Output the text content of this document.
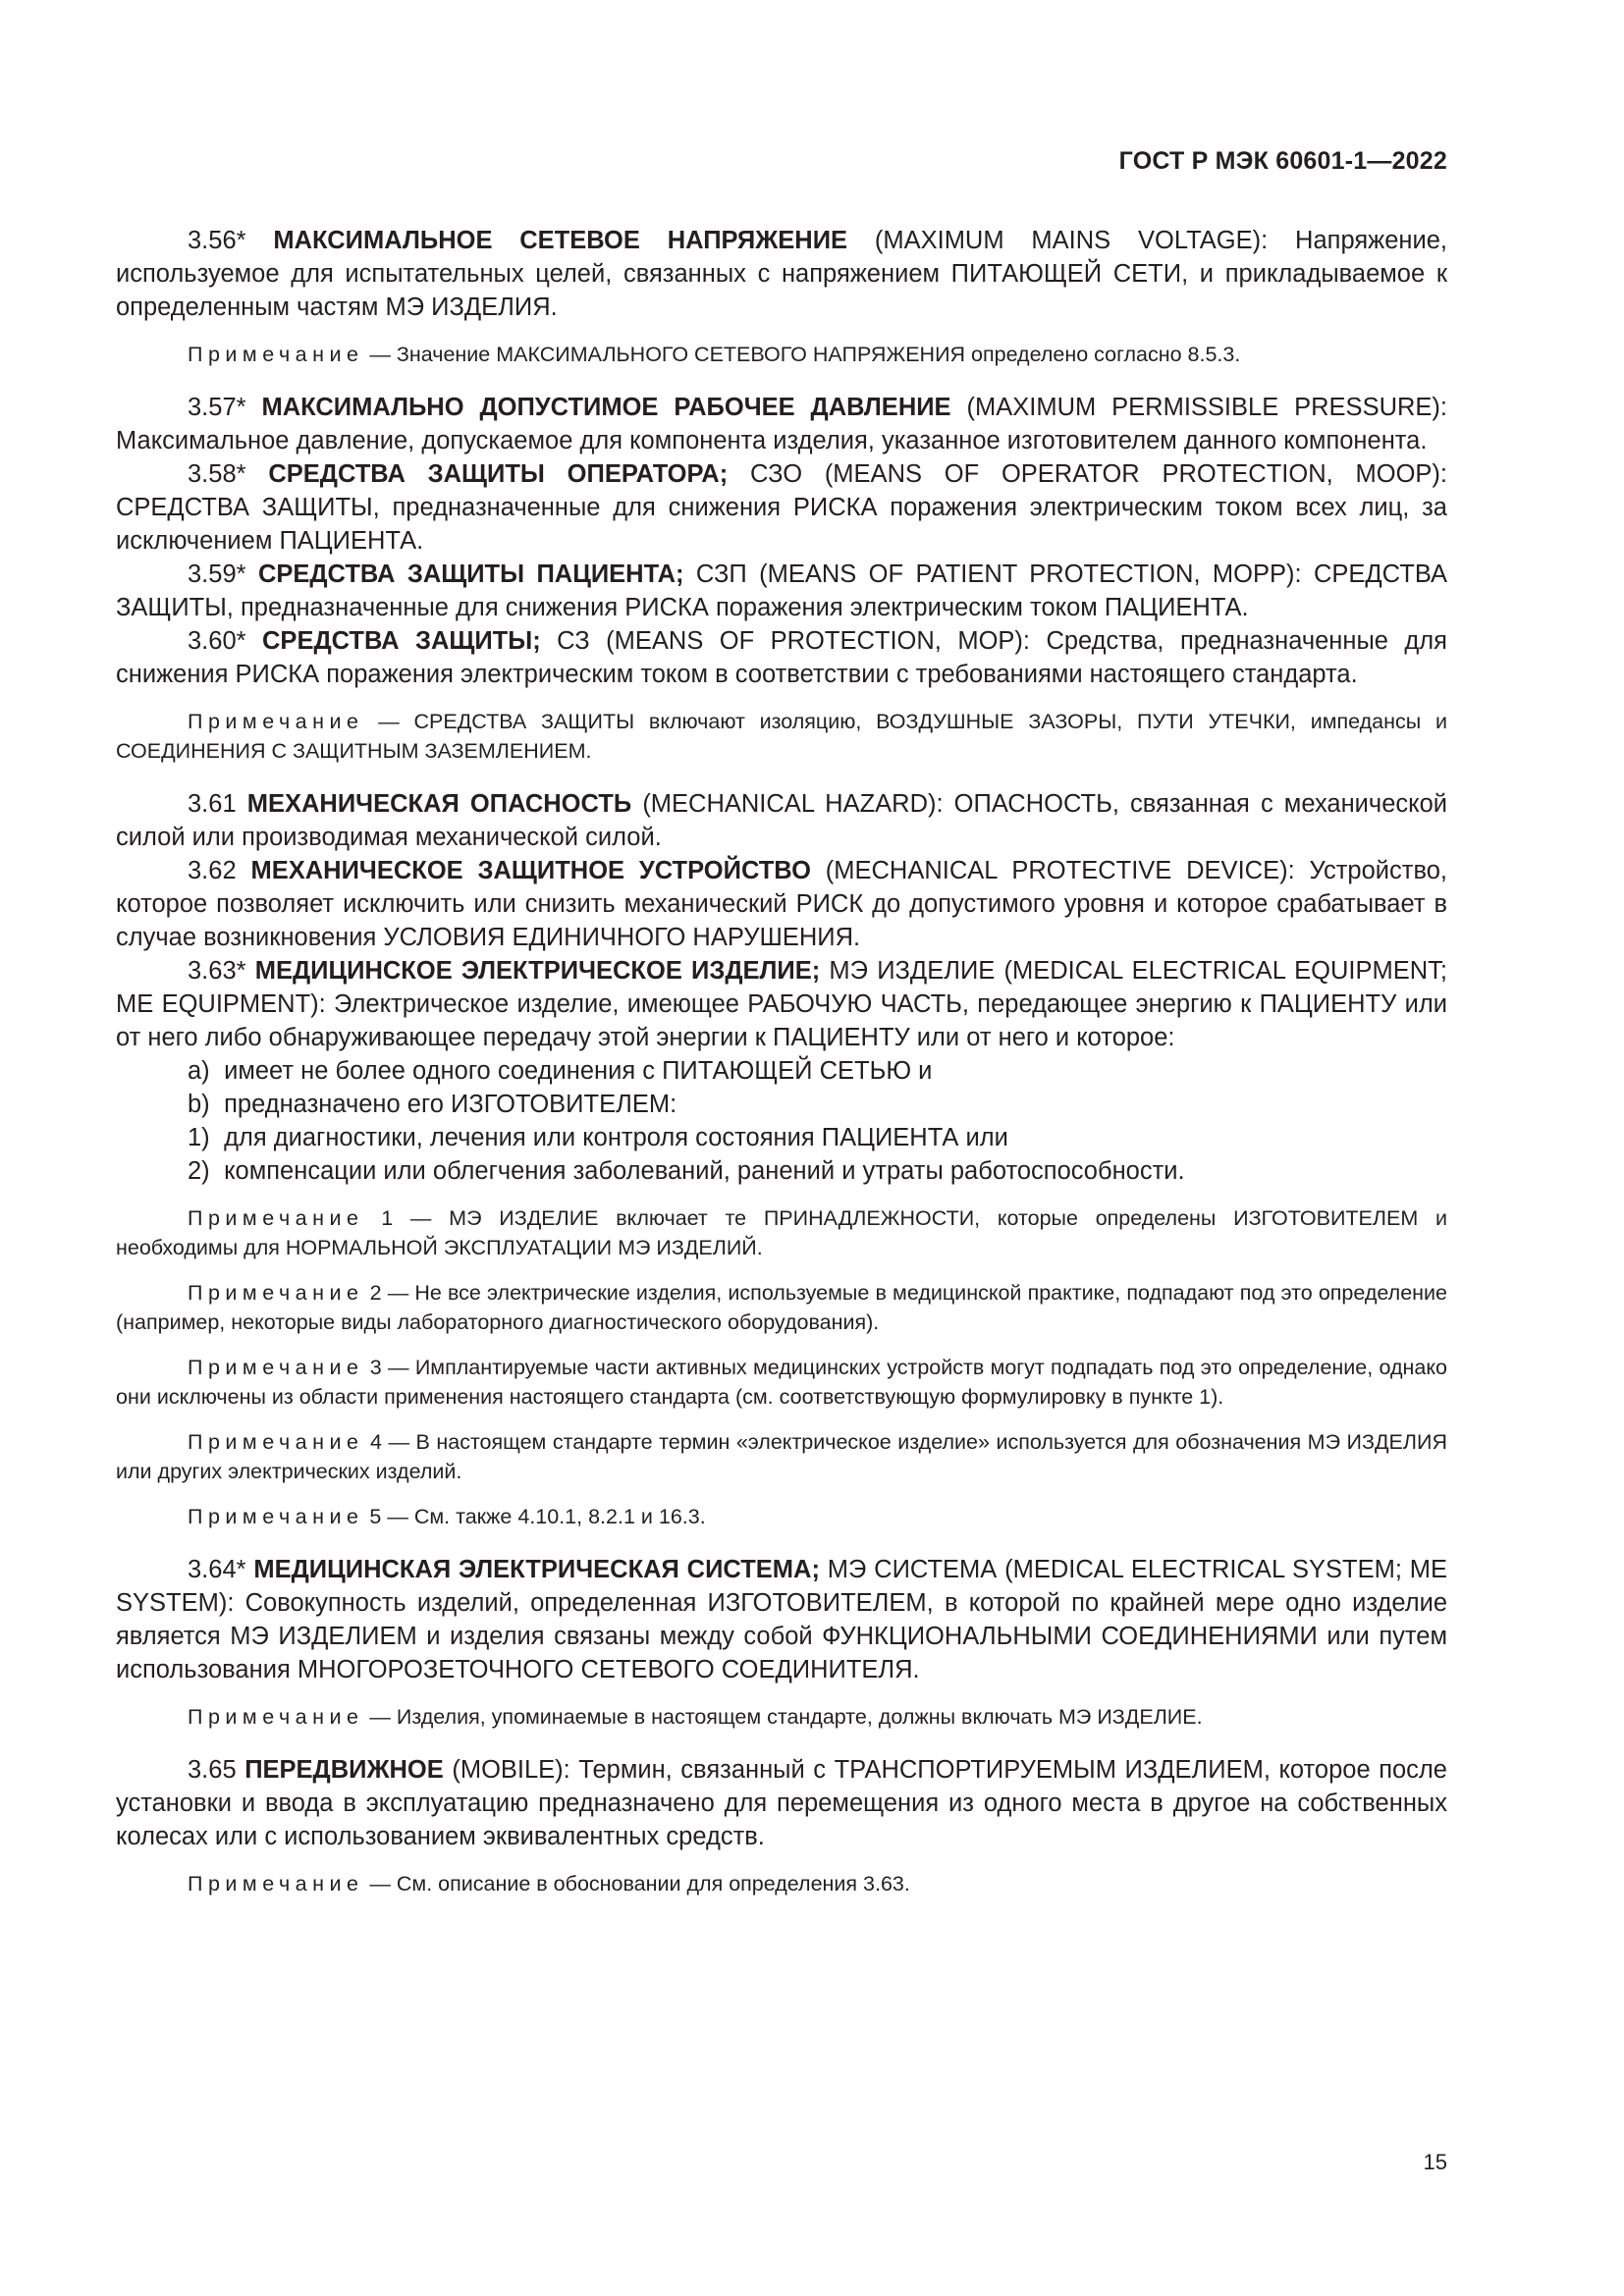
ГОСТ Р МЭК 60601-1—2022

3.56* МАКСИМАЛЬНОЕ СЕТЕВОЕ НАПРЯЖЕНИЕ (MAXIMUM MAINS VOLTAGE): Напряжение, используемое для испытательных целей, связанных с напряжением ПИТАЮЩЕЙ СЕТИ, и прикладываемое к определенным частям МЭ ИЗДЕЛИЯ.

Примечание — Значение МАКСИМАЛЬНОГО СЕТЕВОГО НАПРЯЖЕНИЯ определено согласно 8.5.3.

3.57* МАКСИМАЛЬНО ДОПУСТИМОЕ РАБОЧЕЕ ДАВЛЕНИЕ (MAXIMUM PERMISSIBLE PRESSURE): Максимальное давление, допускаемое для компонента изделия, указанное изготовителем данного компонента.

3.58* СРЕДСТВА ЗАЩИТЫ ОПЕРАТОРА; СЗО (MEANS OF OPERATOR PROTECTION, MOOP): СРЕДСТВА ЗАЩИТЫ, предназначенные для снижения РИСКА поражения электрическим током всех лиц, за исключением ПАЦИЕНТА.

3.59* СРЕДСТВА ЗАЩИТЫ ПАЦИЕНТА; СЗП (MEANS OF PATIENT PROTECTION, MOPP): СРЕДСТВА ЗАЩИТЫ, предназначенные для снижения РИСКА поражения электрическим током ПАЦИЕНТА.

3.60* СРЕДСТВА ЗАЩИТЫ; СЗ (MEANS OF PROTECTION, MOP): Средства, предназначенные для снижения РИСКА поражения электрическим током в соответствии с требованиями настоящего стандарта.

Примечание — СРЕДСТВА ЗАЩИТЫ включают изоляцию, ВОЗДУШНЫЕ ЗАЗОРЫ, ПУТИ УТЕЧКИ, импедансы и СОЕДИНЕНИЯ С ЗАЩИТНЫМ ЗАЗЕМЛЕНИЕМ.

3.61 МЕХАНИЧЕСКАЯ ОПАСНОСТЬ (MECHANICAL HAZARD): ОПАСНОСТЬ, связанная с механической силой или производимая механической силой.

3.62 МЕХАНИЧЕСКОЕ ЗАЩИТНОЕ УСТРОЙСТВО (MECHANICAL PROTECTIVE DEVICE): Устройство, которое позволяет исключить или снизить механический РИСК до допустимого уровня и которое срабатывает в случае возникновения УСЛОВИЯ ЕДИНИЧНОГО НАРУШЕНИЯ.

3.63* МЕДИЦИНСКОЕ ЭЛЕКТРИЧЕСКОЕ ИЗДЕЛИЕ; МЭ ИЗДЕЛИЕ (MEDICAL ELECTRICAL EQUIPMENT; ME EQUIPMENT): Электрическое изделие, имеющее РАБОЧУЮ ЧАСТЬ, передающее энергию к ПАЦИЕНТУ или от него либо обнаруживающее передачу этой энергии к ПАЦИЕНТУ или от него и которое:

a) имеет не более одного соединения с ПИТАЮЩЕЙ СЕТЬЮ и

b) предназначено его ИЗГОТОВИТЕЛЕМ:

1) для диагностики, лечения или контроля состояния ПАЦИЕНТА или

2) компенсации или облегчения заболеваний, ранений и утраты работоспособности.

Примечание 1 — МЭ ИЗДЕЛИЕ включает те ПРИНАДЛЕЖНОСТИ, которые определены ИЗГОТОВИТЕЛЕМ и необходимы для НОРМАЛЬНОЙ ЭКСПЛУАТАЦИИ МЭ ИЗДЕЛИЙ.

Примечание 2 — Не все электрические изделия, используемые в медицинской практике, подпадают под это определение (например, некоторые виды лабораторного диагностического оборудования).

Примечание 3 — Имплантируемые части активных медицинских устройств могут подпадать под это определение, однако они исключены из области применения настоящего стандарта (см. соответствующую формулировку в пункте 1).

Примечание 4 — В настоящем стандарте термин «электрическое изделие» используется для обозначения МЭ ИЗДЕЛИЯ или других электрических изделий.

Примечание 5 — См. также 4.10.1, 8.2.1 и 16.3.

3.64* МЕДИЦИНСКАЯ ЭЛЕКТРИЧЕСКАЯ СИСТЕМА; МЭ СИСТЕМА (MEDICAL ELECTRICAL SYSTEM; ME SYSTEM): Совокупность изделий, определенная ИЗГОТОВИТЕЛЕМ, в которой по крайней мере одно изделие является МЭ ИЗДЕЛИЕМ и изделия связаны между собой ФУНКЦИОНАЛЬНЫМИ СОЕДИНЕНИЯМИ или путем использования МНОГОРОЗЕТОЧНОГО СЕТЕВОГО СОЕДИНИТЕЛЯ.

Примечание — Изделия, упоминаемые в настоящем стандарте, должны включать МЭ ИЗДЕЛИЕ.

3.65 ПЕРЕДВИЖНОЕ (MOBILE): Термин, связанный с ТРАНСПОРТИРУЕМЫМ ИЗДЕЛИЕМ, которое после установки и ввода в эксплуатацию предназначено для перемещения из одного места в другое на собственных колесах или с использованием эквивалентных средств.

Примечание — См. описание в обосновании для определения 3.63.

15
